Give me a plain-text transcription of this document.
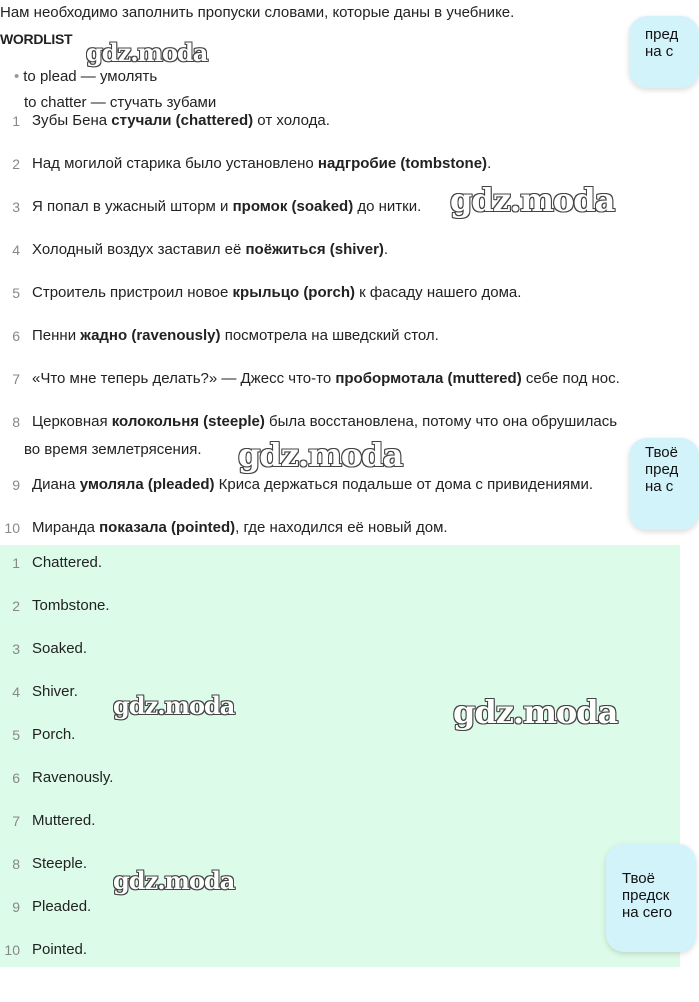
Нам необходимо заполнить пропуски словами, которые даны в учебнике.
WORDLIST
• to plead — умолять
to chatter — стучать зубами
1 Зубы Бена стучали (chattered) от холода.
2 Над могилой старика было установлено надгробие (tombstone).
3 Я попал в ужасный шторм и промок (soaked) до нитки.
4 Холодный воздух заставил её поёжиться (shiver).
5 Строитель пристроил новое крыльцо (porch) к фасаду нашего дома.
6 Пенни жадно (ravenously) посмотрела на шведский стол.
7 «Что мне теперь делать?» — Джесс что-то пробормотала (muttered) себе под нос.
8 Церковная колокольня (steeple) была восстановлена, потому что она обрушилась
во время землетрясения.
9 Диана умоляла (pleaded) Криса держаться подальше от дома с привидениями.
10 Миранда показала (pointed), где находился её новый дом.
1 Chattered.
2 Tombstone.
3 Soaked.
4 Shiver.
5 Porch.
6 Ravenously.
7 Muttered.
8 Steeple.
9 Pleaded.
10 Pointed.
gdz.moda
gdz.moda
gdz.moda
gdz.moda	gdz.moda
gdz.moda
пред
на с
Твоё
пред
на с
Твоё
предск
на сего
